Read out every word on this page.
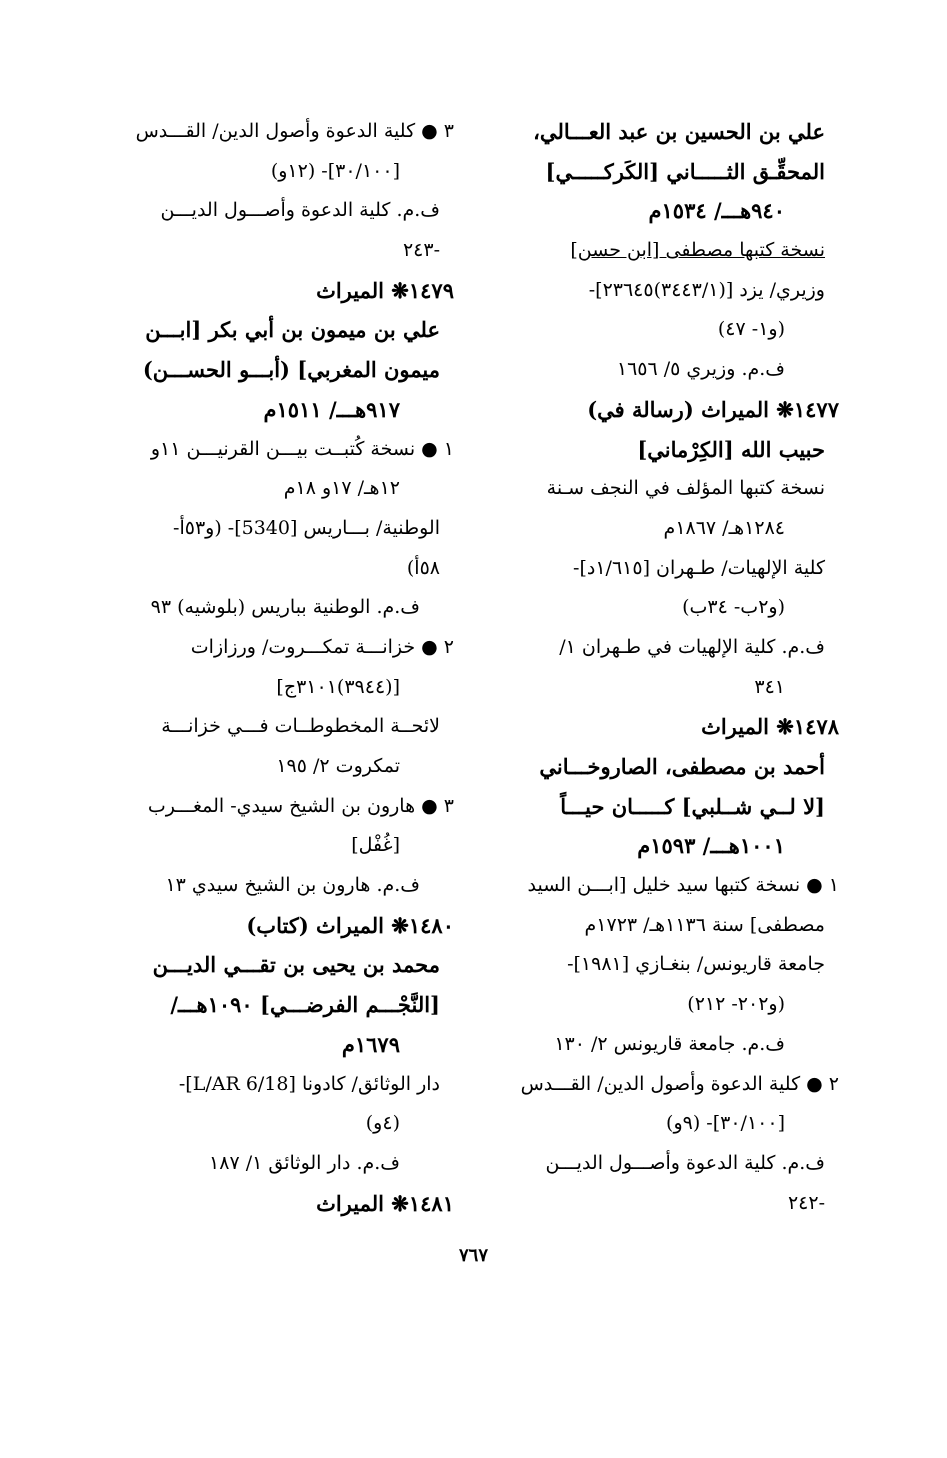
علي بن الحسين بن عبد العـــالي،
المحقِّـق الثـــــاني [الكَركـــــي]
٩٤٠هـــ/ ١٥٣٤م
نسخة كتبها مصطفى [ابن حسن]
وزيري/ يزد [(٣٤٤٣/١)٢٣٦٤٥]-
(و١- ٤٧)
ف.م. وزيري ٥/ ١٦٥٦
١٤٧٧❋ الميراث (رسالة في)
حبيب الله [الكِرْماني]
نسخة كتبها المؤلف في النجف سـنة
١٢٨٤هـ/ ١٨٦٧م
كلية الإلهيات/ طـهران [١/٦١٥د]-
(و٢ب- ٣٤ب)
ف.م. كلية الإلهيات في طـهران ١/
٣٤١
١٤٧٨❋ الميراث
أحمد بن مصطفى، الصاروخـــاني
[لا لــي شــلبي] كـــــان حيـــاً
١٠٠١هـــ/ ١٥٩٣م
١ ● نسخة كتبها سيد خليل [ابـــن السيد
مصطفى] سنة ١١٣٦هـ/ ١٧٢٣م
جامعة قاريونس/ بنغـازي [١٩٨١]-
(و٢٠٢- ٢١٢)
ف.م. جامعة قاريونس ٢/ ١٣٠
٢ ● كلية الدعوة وأصول الدين/ القـــدس
[٣٠/١٠٠]- (٩و)
ف.م. كلية الدعوة وأصـــول الديـــن
-٢٤٢
٣ ● كلية الدعوة وأصول الدين/ القـــدس
[٣٠/١٠٠]- (١٢و)
ف.م. كلية الدعوة وأصـــول الديـــن
-٢٤٣
١٤٧٩❋ الميراث
علي بن ميمون بن أبي بكر [ابـــن
ميمون المغربي] (أبـــو الحســـن)
٩١٧هـــ/ ١٥١١م
١ ● نسخة كُتبــت بيـــن القرنيـــن ١١و
١٢هـ/ ١٧و ١٨م
الوطنية/ بـــاريس [5340]- (و٥٣أ-
٥٨أ)
ف.م. الوطنية بباريس (بلوشيه) ٩٣
٢ ● خزانـــة تمكـــروت/ ورزازات
[(٣٩٤٤)٣١٠١ج]
لائحــة المخطوطــات فـــي خزانـــة
تمكروت ٢/ ١٩٥
٣ ● هارون بن الشيخ سيدي- المغـــرب
[غُفْل]
ف.م. هارون بن الشيخ سيدي ١٣
١٤٨٠❋ الميراث (كتاب)
محمد بن يحيى بن تقـــي الديـــن
[النَّجْـــم الفرضـــي] ١٠٩٠هـــ/
١٦٧٩م
دار الوثائق/ كادونا [L/AR 6/18]-
(٤و)
ف.م. دار الوثائق ١/ ١٨٧
١٤٨١❋ الميراث
٧٦٧
